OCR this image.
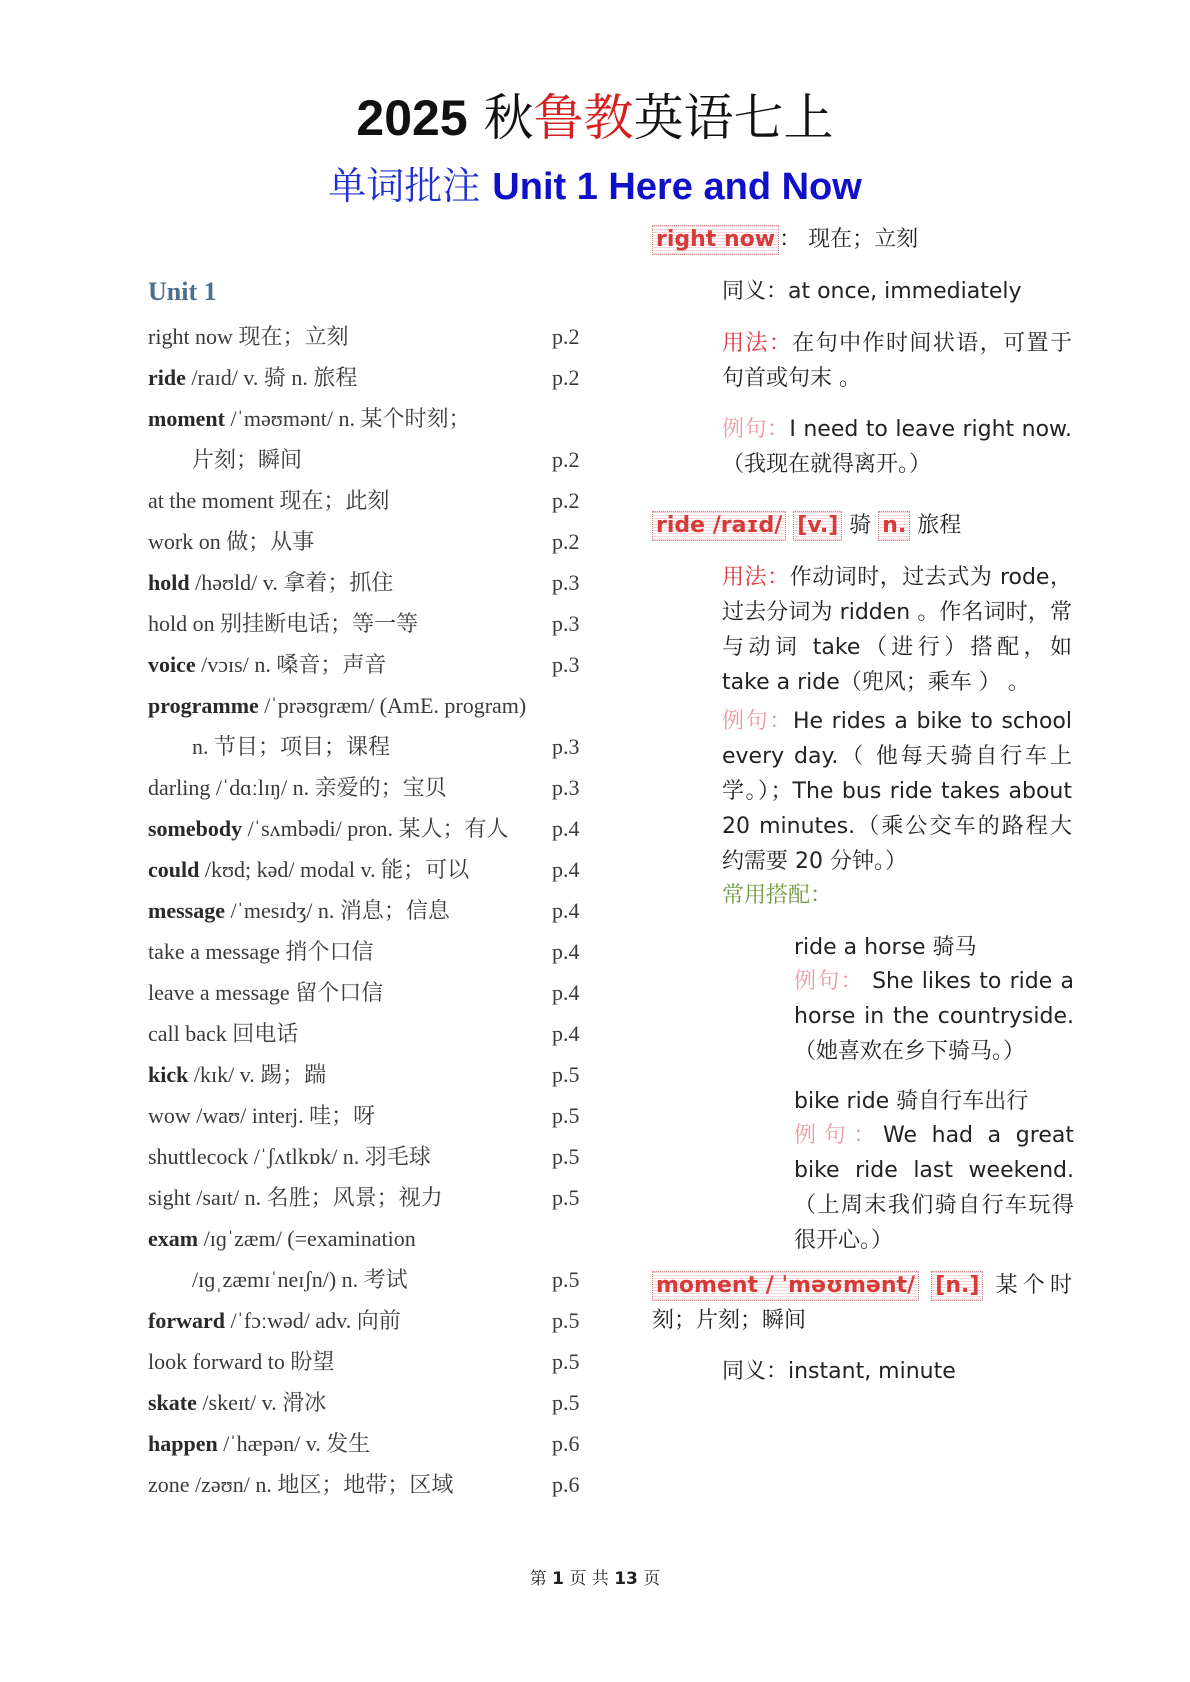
2025 秋鲁教英语七上
单词批注 Unit 1 Here and Now
Unit 1
right now 现在；立刻	p.2
ride /raɪd/ v. 骑 n. 旅程	p.2
moment /ˈməʊmənt/ n. 某个时刻；
片刻；瞬间	p.2
at the moment 现在；此刻	p.2
work on 做；从事	p.2
hold /həʊld/ v. 拿着；抓住	p.3
hold on 别挂断电话；等一等	p.3
voice /vɔɪs/ n. 嗓音；声音	p.3
programme /ˈprəʊɡræm/ (AmE. program)
n. 节目；项目；课程	p.3
darling /ˈdɑːlɪŋ/ n. 亲爱的；宝贝	p.3
somebody /ˈsʌmbədi/ pron. 某人；有人 p.4
could /kʊd; kəd/ modal v. 能；可以	p.4
message /ˈmesɪdʒ/ n. 消息；信息	p.4
take a message 捎个口信	p.4
leave a message 留个口信	p.4
call back 回电话	p.4
kick /kɪk/ v. 踢；踹	p.5
wow /waʊ/ interj. 哇；呀	p.5
shuttlecock /ˈʃʌtlkɒk/ n. 羽毛球	p.5
sight /saɪt/ n. 名胜；风景；视力	p.5
exam /ɪɡˈzæm/ (=examination
/ɪɡˌzæmɪˈneɪʃn/) n. 考试	p.5
forward /ˈfɔːwəd/ adv. 向前	p.5
look forward to 盼望	p.5
skate /skeɪt/ v. 滑冰	p.5
happen /ˈhæpən/ v. 发生	p.6
zone /zəʊn/ n. 地区；地带；区域	p.6
right now ： 现在；立刻
同义：at once, immediately

用法：在句中作时间状语，可置于句首或句末 。

例句：I need to leave right now.（我现在就得离开。）

ride /raɪd/ [v.] 骑 n. 旅程

用法：作动词时，过去式为 rode，过去分词为 ridden 。作名词时，常与动词 take（进行）搭配，如 take a ride（兜风；乘车 ） 。

例句：He rides a bike to school every day.（ 他每天骑自行车上学。）；The bus ride takes about 20 minutes.（乘公交车的路程大约需要 20 分钟。）

常用搭配：
ride a horse 骑马

例句： She likes to ride a horse in the countryside.（她喜欢在乡下骑马。）

bike ride 骑自行车出行

例句：We had a great bike ride last weekend.（上周末我们骑自行车玩得很开心。）

moment / ˈməʊmənt/ [n.] 某个时刻；片刻；瞬间

同义：instant, minute
第 1 页 共 13 页
